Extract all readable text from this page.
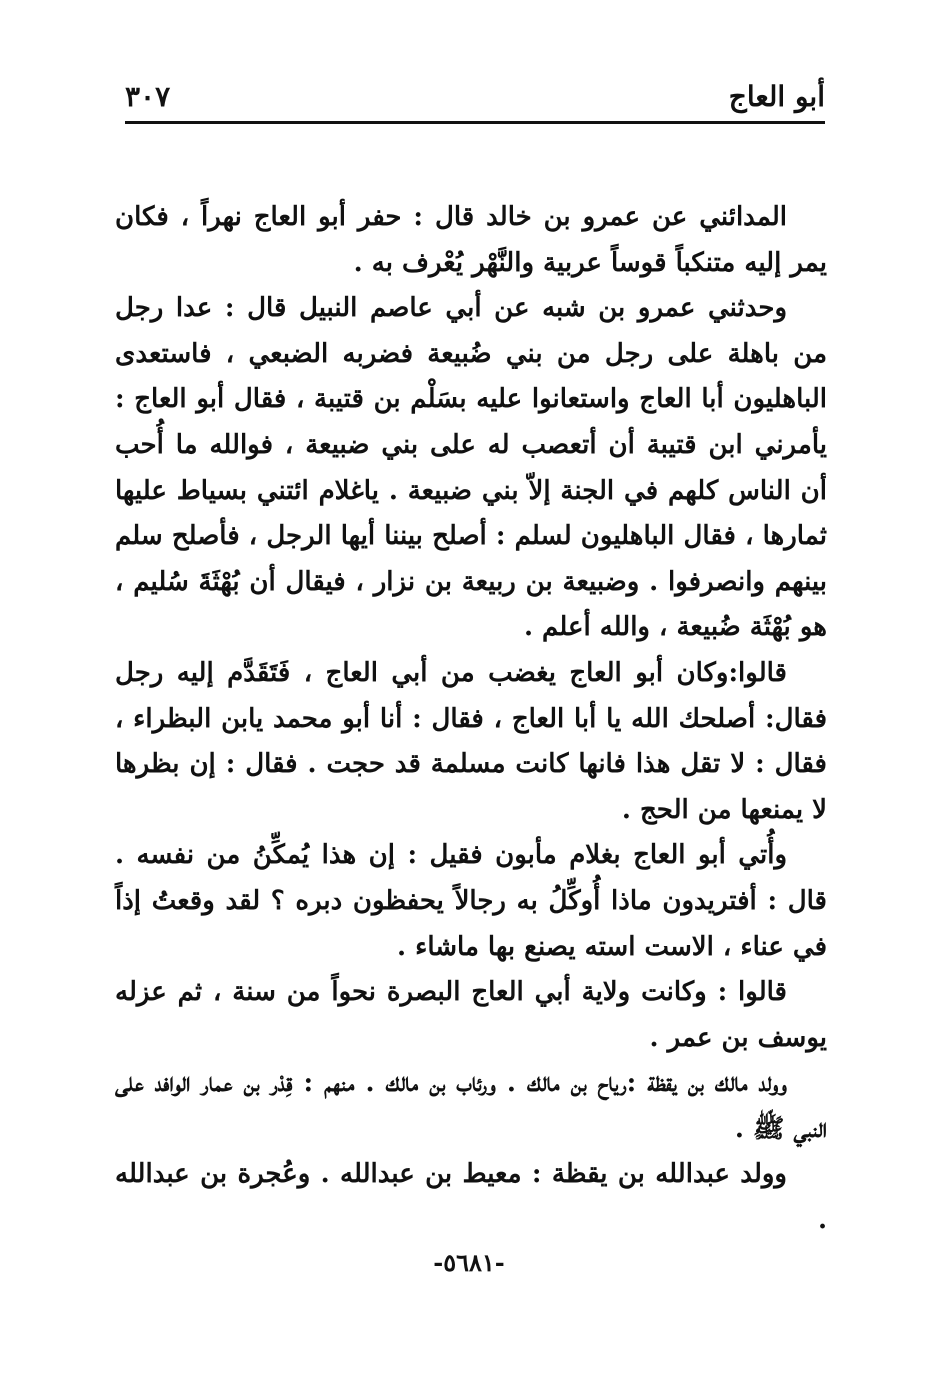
أبو العاج
٣٠٧

المدائني عن عمرو بن خالد قال : حفر أبو العاج نهراً ، فكان يمر إليه متنكباً قوساً عربية والنَّهْر يُعْرف به .

وحدثني عمرو بن شبه عن أبي عاصم النبيل قال : عدا رجل من باهلة على رجل من بني ضُبيعة فضربه الضبعي ، فاستعدى الباهليون أبا العاج واستعانوا عليه بسَلْم بن قتيبة ، فقال أبو العاج : يأمرني ابن قتيبة أن أتعصب له على بني ضبيعة ، فوالله ما أُحب أن الناس كلهم في الجنة إلاّ بني ضبيعة . ياغلام ائتني بسياط عليها ثمارها ، فقال الباهليون لسلم : أصلح بيننا أيها الرجل ، فأصلح سلم بينهم وانصرفوا . وضبيعة بن ربيعة بن نزار ، فيقال أن بُهْثَةَ سُليم ، هو بُهْثَة ضُبيعة ، والله أعلم .

قالوا:وكان أبو العاج يغضب من أبي العاج ، فَتَقَدَّم إليه رجل فقال: أصلحك الله يا أبا العاج ، فقال : أنا أبو محمد يابن البظراء ، فقال : لا تقل هذا فانها كانت مسلمة قد حجت . فقال : إن بظرها لا يمنعها من الحج .

وأُتي أبو العاج بغلام مأبون فقيل : إن هذا يُمكِّنُ من نفسه . قال : أفتريدون ماذا أُوكِّلُ به رجالاً يحفظون دبره ؟ لقد وقعتُ إذاً في عناء ، الاست استه يصنع بها ماشاء .

قالوا : وكانت ولاية أبي العاج البصرة نحواً من سنة ، ثم عزله يوسف بن عمر .

وولد مالك بن يقظة :رياح بن مالك . ورئاب بن مالك . منهم : قِدْر بن عمار الوافد على النبي ﷺ .

وولد عبدالله بن يقظة : معيط بن عبدالله . وعُجرة بن عبدالله .

-٥٦٨١-
